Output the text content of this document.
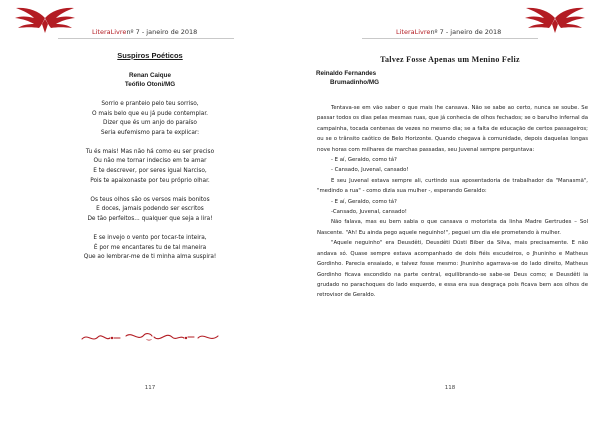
LiteraLivrenº 7 - janeiro de 2018
Suspiros Poéticos
Renan Caique
Teófilo Otoni/MG
Sorrio e pranteio pelo teu sorriso,
O mais belo que eu já pude contemplar.
Dizer que és um anjo do paraíso
Seria eufemismo para te explicar:
Tu és mais! Mas não há como eu ser preciso
Ou não me tornar indeciso em te amar
E te descrever, por seres igual Narciso,
Pois te apaixonaste por teu próprio olhar.
Os teus olhos são os versos mais bonitos
E doces, jamais podendo ser escritos
De tão perfeitos... qualquer que seja a lira!
E se invejo o vento por tocar-te inteira,
É por me encantares tu de tal maneira
Que ao lembrar-me de ti minha alma suspira!
117
LiteraLivrenº 7 - janeiro de 2018
Talvez Fosse Apenas um Menino Feliz
Reinaldo Fernandes
Brumadinho/MG

Tentava-se em vão saber o que mais lhe cansava. Não se sabe ao certo, nunca se soube. Se passar todos os dias pelas mesmas ruas, que já conhecia de olhos fechados; se o barulho infernal da campainha, tocada centenas de vezes no mesmo dia; se a falta de educação de certos passageiros; ou se o trânsito caótico de Belo Horizonte. Quando chegava à comunidade, depois daquelas longas nove horas com milhares de marchas passadas, seu Juvenal sempre perguntava:

- E aí, Geraldo, como tá?

- Cansado, Juvenal, cansado!

E seu Juvenal estava sempre ali, curtindo sua aposentadoria de trabalhador da "Manasmã", "medindo a rua" - como dizia sua mulher -, esperando Geraldo:

- E aí, Geraldo, como tá?

-Cansado, Juvenal, cansado!

Não falava, mas eu bem sabia o que cansava o motorista da linha Madre Gertrudes – Sol Nascente. "Ah! Eu ainda pego aquele neguinho!", peguei um dia ele prometendo à mulher.

"Aquele neguinho" era Deusdêti, Deusdêti Düsti Biber da Silva, mais precisamente. E não andava só. Quase sempre estava acompanhado de dois fiéis escudeiros, o Jhuninho e Matheus Gordinho. Parecia ensaiado, e talvez fosse mesmo: Jhuninho agarrava-se do lado direito, Matheus Gordinho ficava escondido na parte central, equilibrando-se sabe-se Deus como; e Deusdêti ia grudado no parachoques do lado esquerdo, e essa era sua desgraça pois ficava bem aos olhos de retrovisor de Geraldo.

118
